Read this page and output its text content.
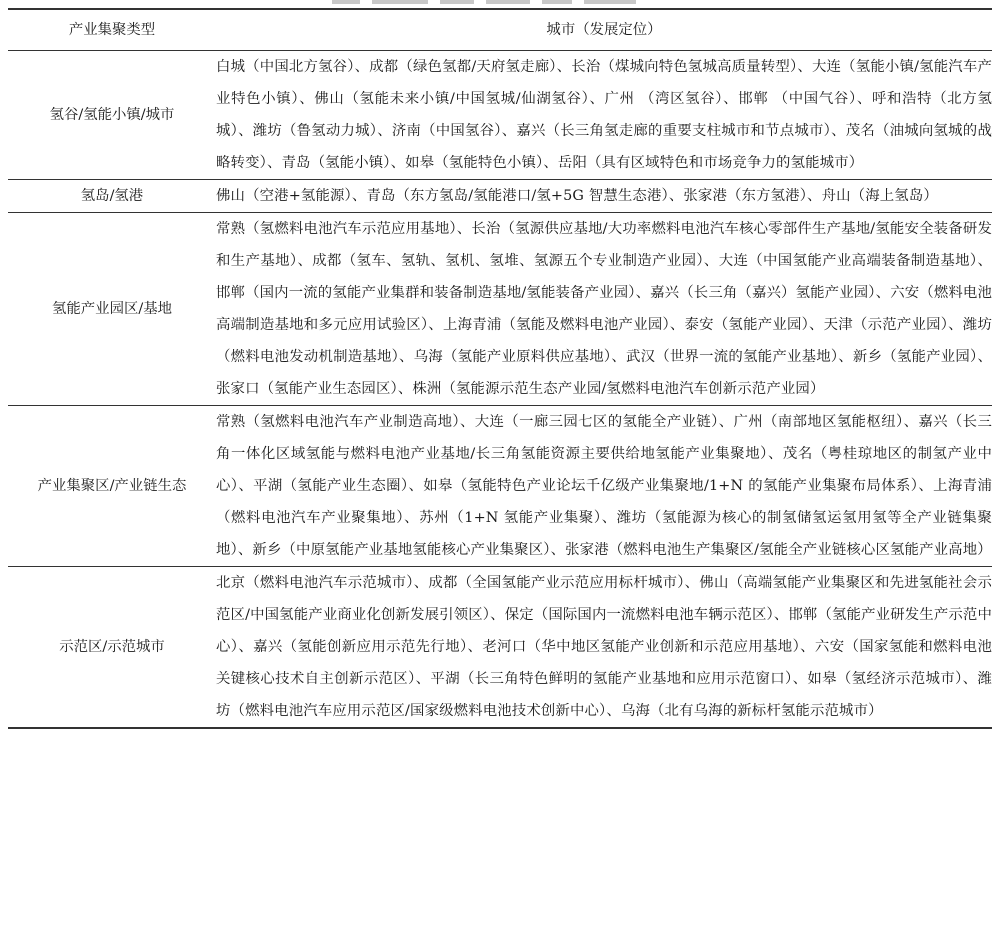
产业集聚类型	城市（发展定位）
氢谷/氢能小镇/城市	白城（中国北方氢谷）、成都（绿色氢都/天府氢走廊）、长治（煤城向特色氢城高质量转型）、大连（氢能小镇/氢能汽车产业特色小镇）、佛山（氢能未来小镇/中国氢城/仙湖氢谷）、广州 （湾区氢谷）、邯郸 （中国气谷）、呼和浩特（北方氢城）、潍坊（鲁氢动力城）、济南（中国氢谷）、嘉兴（长三角氢走廊的重要支柱城市和节点城市）、茂名（油城向氢城的战略转变）、青岛（氢能小镇）、如皋（氢能特色小镇）、岳阳（具有区域特色和市场竞争力的氢能城市）
氢岛/氢港	佛山（空港+氢能源）、青岛（东方氢岛/氢能港口/氢+5G 智慧生态港）、张家港（东方氢港）、舟山（海上氢岛）
氢能产业园区/基地	常熟（氢燃料电池汽车示范应用基地）、长治（氢源供应基地/大功率燃料电池汽车核心零部件生产基地/氢能安全装备研发和生产基地）、成都（氢车、氢轨、氢机、氢堆、氢源五个专业制造产业园）、大连（中国氢能产业高端装备制造基地）、邯郸（国内一流的氢能产业集群和装备制造基地/氢能装备产业园）、嘉兴（长三角（嘉兴）氢能产业园）、六安（燃料电池高端制造基地和多元应用试验区）、上海青浦（氢能及燃料电池产业园）、泰安（氢能产业园）、天津（示范产业园）、潍坊（燃料电池发动机制造基地）、乌海（氢能产业原料供应基地）、武汉（世界一流的氢能产业基地）、新乡（氢能产业园）、张家口（氢能产业生态园区）、株洲（氢能源示范生态产业园/氢燃料电池汽车创新示范产业园）
产业集聚区/产业链生态	常熟（氢燃料电池汽车产业制造高地）、大连（一廊三园七区的氢能全产业链）、广州（南部地区氢能枢纽）、嘉兴（长三角一体化区域氢能与燃料电池产业基地/长三角氢能资源主要供给地氢能产业集聚地）、茂名（粤桂琼地区的制氢产业中心）、平湖（氢能产业生态圈）、如皋（氢能特色产业论坛千亿级产业集聚地/1+N 的氢能产业集聚布局体系）、上海青浦（燃料电池汽车产业聚集地）、苏州（1+N 氢能产业集聚）、潍坊（氢能源为核心的制氢储氢运氢用氢等全产业链集聚地）、新乡（中原氢能产业基地氢能核心产业集聚区）、张家港（燃料电池生产集聚区/氢能全产业链核心区氢能产业高地）
示范区/示范城市	北京（燃料电池汽车示范城市）、成都（全国氢能产业示范应用标杆城市）、佛山（高端氢能产业集聚区和先进氢能社会示范区/中国氢能产业商业化创新发展引领区）、保定（国际国内一流燃料电池车辆示范区）、邯郸（氢能产业研发生产示范中心）、嘉兴（氢能创新应用示范先行地）、老河口（华中地区氢能产业创新和示范应用基地）、六安（国家氢能和燃料电池关键核心技术自主创新示范区）、平湖（长三角特色鲜明的氢能产业基地和应用示范窗口）、如皋（氢经济示范城市）、潍坊（燃料电池汽车应用示范区/国家级燃料电池技术创新中心）、乌海（北有乌海的新标杆氢能示范城市）
